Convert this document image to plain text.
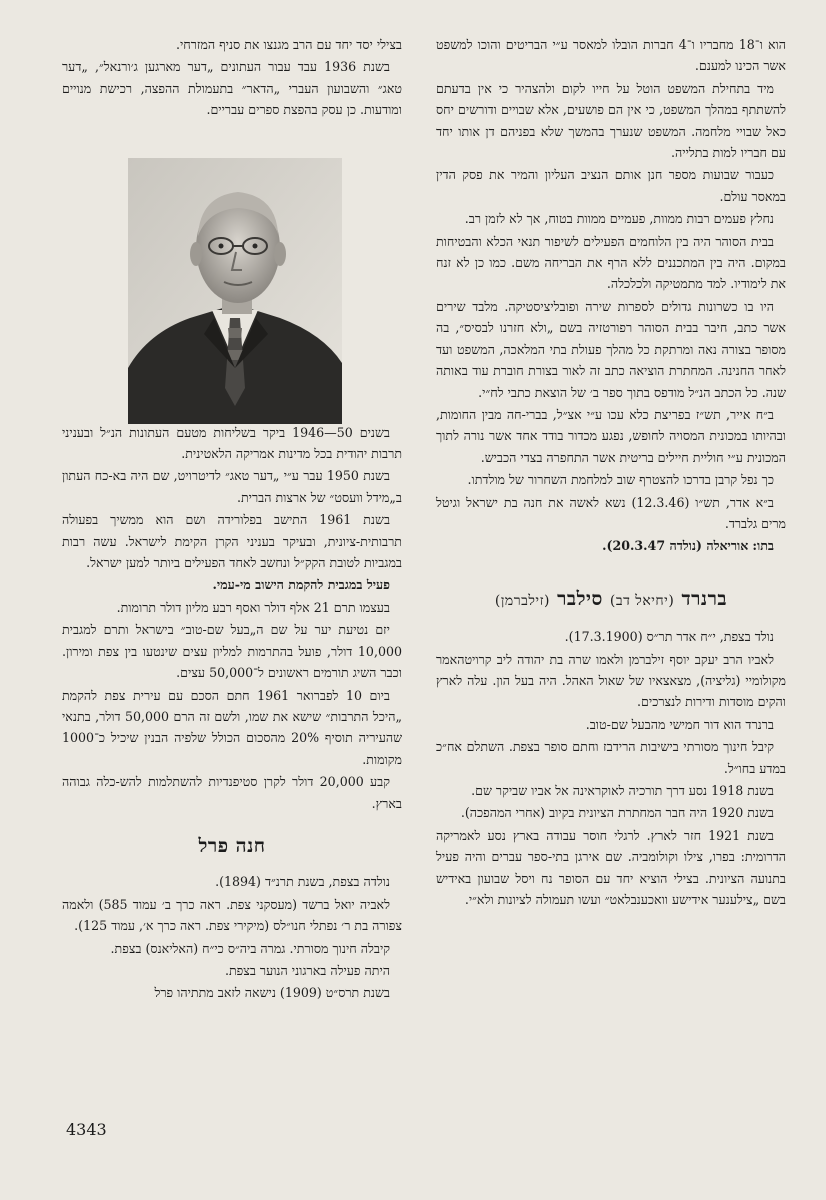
הוא ו־18 מחבריו ו־4 חברות הובלו למאסר ע״י הבריטים והוכו למשפט אשר הכינו למענם.

מיד בתחילת המשפט הוטל על חייו לקום ולהצהיר כי אין בדעתם להשתתף במהלך המשפט, כי אין הם פושעים, אלא שבויים ודורשים יחס כאל שבויי מלחמה. המשפט שנערך בהמשך שלא בפניהם דן אותו יחד עם חבריו למות בתלייה.

כעבור שבועות מספר חנן אותם הנציב העליון והמיר את פסק הדין במאסר עולם.

נחלץ פעמים רבות ממוות, פעמיים ממוות בטוח, אך לא לזמן רב.

בבית הסוהר היה בין הלוחמים הפעילים לשיפור תנאי הכלא והבטיחות במקום. היה בין המתכננים ללא הרף את הבריחה משם. כמו כן לא זנח את לימודיו. למד מתמטיקה ולכלכלה.

היו בו כשרונות גדולים לספרות שירה ופובליציסטיקה. מלבד שירים אשר כתב, חיבר בבית הסוהר רפורטזיה בשם „ולא חזרנו לבסיס״, בה מסופר בצורה נאה ומרתקת כל מהלך פעולת בתי המלאכה, המשפט ועד לאחר החנינה. המחתרת הוציאה כתב זה לאור בצורת חוברת עוד באותה שנה. כל הכתב הנ״ל מודפס בתוך ספר ב׳ של הוצאת כתבי לח״י.

ב״ח אייר, תש״ז בפריצת כלא עכו ע״י אצ״ל, בברי-חה מבין החומות, ובהיותו במכונית המסויה לחופש, נפגע מכדור בודד אחד אשר נורה לתוך המכונית ע״י חוליית חיילים בריטית אשר התחפרה בצדי הכביש.

כך נפל קרבן בדרכו להצטרף שוב למלחמת השחרור של מולדתו.

ב״א אדר, תש״ו (12.3.46) נשא לאשה את חנה בת ישראל וגיטל מרים גלברד.

בתו: אוריאלה (נולדה 20.3.47).

ברנרד (יחיאל דב) סילבר (זילברמן)

נולד בצפת, י״ח אדר תר״ס (17.3.1900).

לאביו הרב יעקב יוסף זילברמן ולאמו שרה בת יהודה ליב קרויטהאמר מקולומיי (גליציה), מצאצאיו של שאול האהל. היה בעל הון. עלה לארץ והקים מוסדות ודירות לנצרכים.

ברנרד הוא דור חמישי מהבעל שם-טוב.

קיבל חינוך מסורתי בישיבות הרידבז וחתם סופר בצפת. השתלם אח״כ במדע בחו״ל.

בשנת 1918 נסע דרך תורכיה לאוקראינה אל אביו שביקר שם.

בשנת 1920 היה חבר המחתרת הציונית בקיוב (אחרי המהפכה).

בשנת 1921 חזר לארץ. לרגלי חוסר עבודה בארץ נסע לאמריקה הדרומית: בפרו, צילו וקולומביה. שם אירגן בתי-ספר עברים והיה פעיל בתנועה הציונית. בצילי הוציא יחד עם הסופר נח ויסל שבועון באידיש בשם „צילענער אידישע וואכענבלאט״ ועשו תעמולה לציונות ולא״י.

בצילי יסד יחד עם הרב מגנצו את סניף המזרחי.

בשנת 1936 עבד עבור העתונים „דער מארגען ג׳ורנאל״, „דער טאג״ והשבועון העברי „הדאר״ בתעמולת ההפצה, רכישת מנויים ומודעות. כן עסק בהפצת ספרים עבריים.

בשנים 50—1946 ביקר בשליחות מטעם העתונות הנ״ל ובעניני תרבות יהודית בכל מדינות אמריקה הלאטינית.

בשנת 1950 עבר ע״י „דער טאג״ לדיטרויט, שם היה בא-כח העתון ב„מידל וועסט״ של ארצות הברית.

בשנת 1961 התישב בפלורידה ושם הוא ממשיך בפעולה תרבותית-ציונית, ובעיקר בעניני הקרן הקימת לישראל. עשה רבות במגביות לטובת הקק״ל ונחשב לאחד הפעילים ביותר למען ישראל.

פעיל במגבית להקמת הישוב מי-עמי.

בעצמו תרם 21 אלף דולר ואסף רבע מליון דולר תרומות.

יזם נטיעת יער על שם ה„בעל שם-טוב״ בישראל ותרם למגבית 10,000 דולר, פועל בהתרמות למליון עצים שינטעו בין צפת ומירון. וכבר השיג תורמים ראשונים ל־50,000 עצים.

ביום 10 לפברואר 1961 חתם הסכם עם עירית צפת להקמת „היכל התרבות״ שישא את שמו, ולשם זה הרם 50,000 דולר, בתנאי שהעיריה תוסיף 20% מהסכום הכולל שלפיה הבנין שיכיל כ־1000 מקומות.

קבע 20,000 דולר לקרן סטיפנדיות להשתלמות להש-כלה גבוהה בארץ.

חנה פרל

נולדה בצפת, בשנת תרנ״ד (1894).

לאביה יואל ברשד (מעסקני צפת. ראה כרך ב׳ עמוד 585) ולאמה צפורה בת ר׳ נפתלי חנו״לס (מיקירי צפת. ראה כרך א׳, עמוד 125).

קיבלה חינוך מסורתי. גמרה ביה״ס כי״ח (האליאנס) בצפת.

היתה פעילה בארגוני הנוער בצפת.

בשנת תרס״ט (1909) נישאה לזאב מתתיהו פרל

4343
